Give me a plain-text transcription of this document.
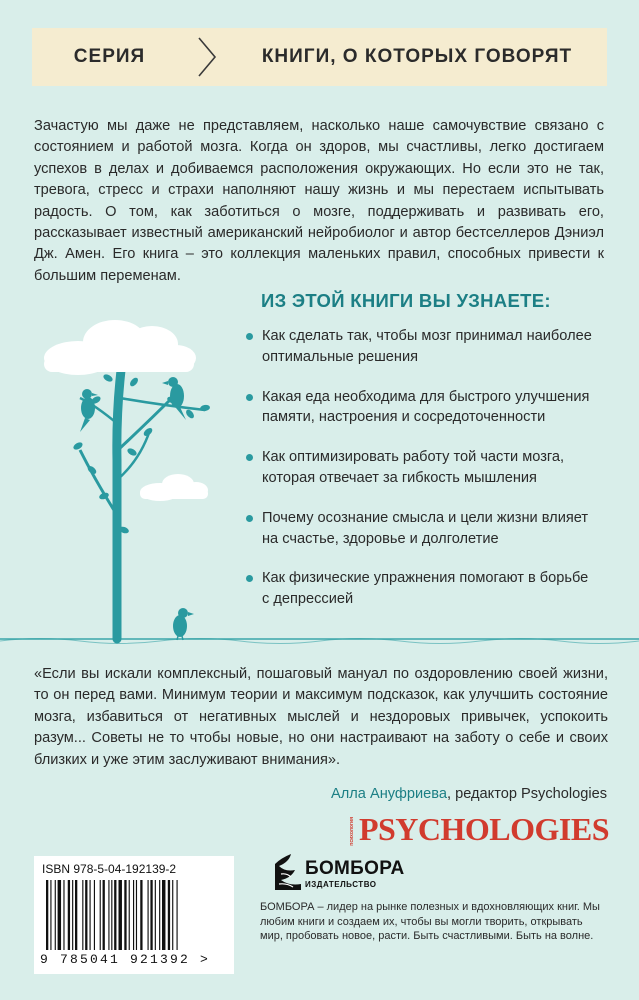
СЕРИЯ	КНИГИ, О КОТОРЫХ ГОВОРЯТ

Зачастую мы даже не представляем, насколько наше самочувствие связано с состоянием и работой мозга. Когда он здоров, мы счастливы, легко достигаем успехов в делах и добиваемся расположения окружающих. Но если это не так, тревога, стресс и страхи наполняют нашу жизнь и мы перестаем испытывать радость. О том, как заботиться о мозге, поддерживать и развивать его, рассказывает известный американский нейробиолог и автор бестселлеров Дэниэл Дж. Амен. Его книга – это коллекция маленьких правил, способных привести к большим переменам.

ИЗ ЭТОЙ КНИГИ ВЫ УЗНАЕТЕ:
Как сделать так, чтобы мозг принимал наиболее оптимальные решения
Какая еда необходима для быстрого улучшения памяти, настроения и сосредоточенности
Как оптимизировать работу той части мозга, которая отвечает за гибкость мышления
Почему осознание смысла и цели жизни влияет на счастье, здоровье и долголетие
Как физические упражнения помогают в борьбе с депрессией

«Если вы искали комплексный, пошаговый мануал по оздоровлению своей жизни, то он перед вами. Минимум теории и максимум подсказок, как улучшить состояние мозга, избавиться от негативных мыслей и нездоровых привычек, успокоить разум... Советы не то чтобы новые, но они настраивают на заботу о себе и своих близких и уже этим заслуживают внимания».

Алла Ануфриева, редактор Psychologies
психология PSYCHOLOGIES
ISBN 978-5-04-192139-2
9 785041 921392 >
БОМБОРА
ИЗДАТЕЛЬСТВО

БОМБОРА – лидер на рынке полезных и вдохновляющих книг. Мы любим книги и создаем их, чтобы вы могли творить, открывать мир, пробовать новое, расти. Быть счастливыми. Быть на волне.
